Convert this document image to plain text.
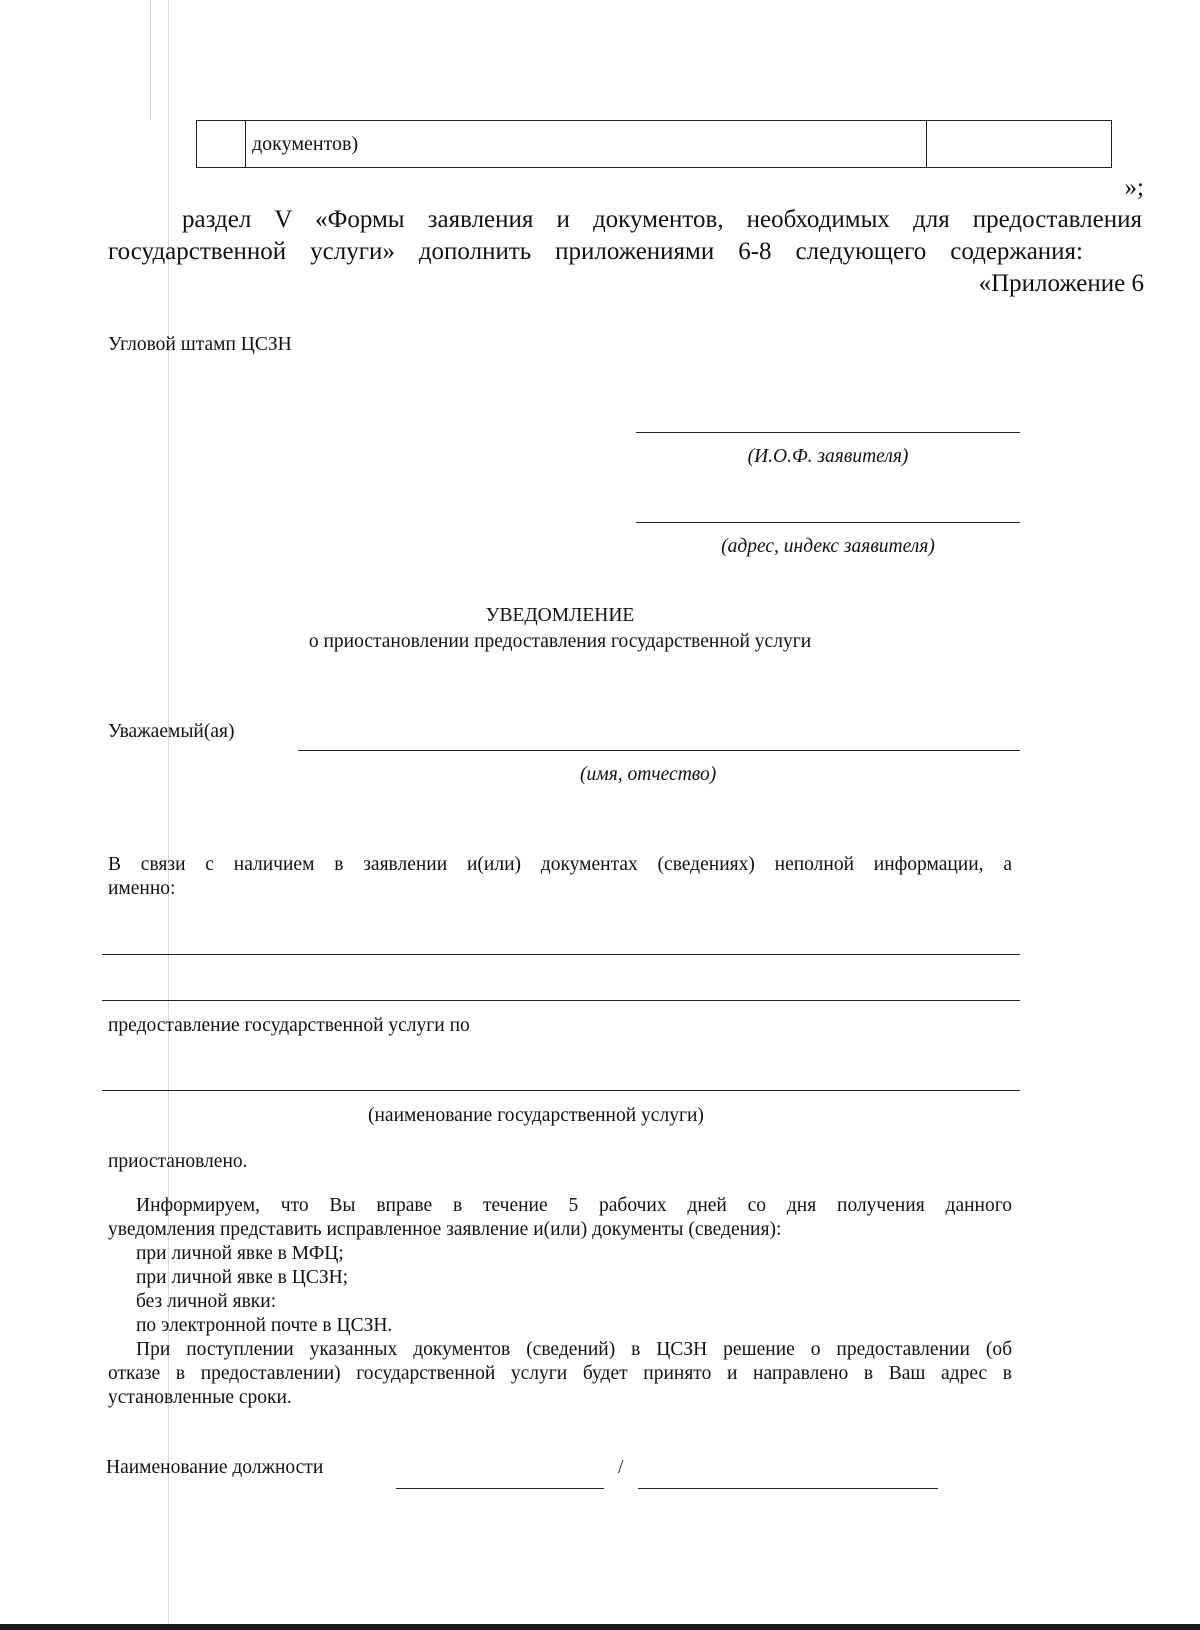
	документов)	
»;
раздел V «Формы заявления и документов, необходимых для предоставления
государственной услуги» дополнить приложениями 6-8 следующего содержания:
«Приложение 6
Угловой штамп ЦСЗН
(И.О.Ф. заявителя)
(адрес, индекс заявителя)
УВЕДОМЛЕНИЕ
о приостановлении предоставления государственной услуги
Уважаемый(ая)
(имя, отчество)
В связи с наличием в заявлении и(или) документах (сведениях) неполной информации, а
именно:
предоставление государственной услуги по
(наименование государственной услуги)
приостановлено.
Информируем, что Вы вправе в течение 5 рабочих дней со дня получения данного
уведомления представить исправленное заявление и(или) документы (сведения):
при личной явке в МФЦ;
при личной явке в ЦСЗН;
без личной явки:
по электронной почте в ЦСЗН.
При поступлении указанных документов (сведений) в ЦСЗН решение о предоставлении (об
отказе в предоставлении) государственной услуги будет принято и направлено в Ваш адрес в
установленные сроки.
Наименование должности	/
